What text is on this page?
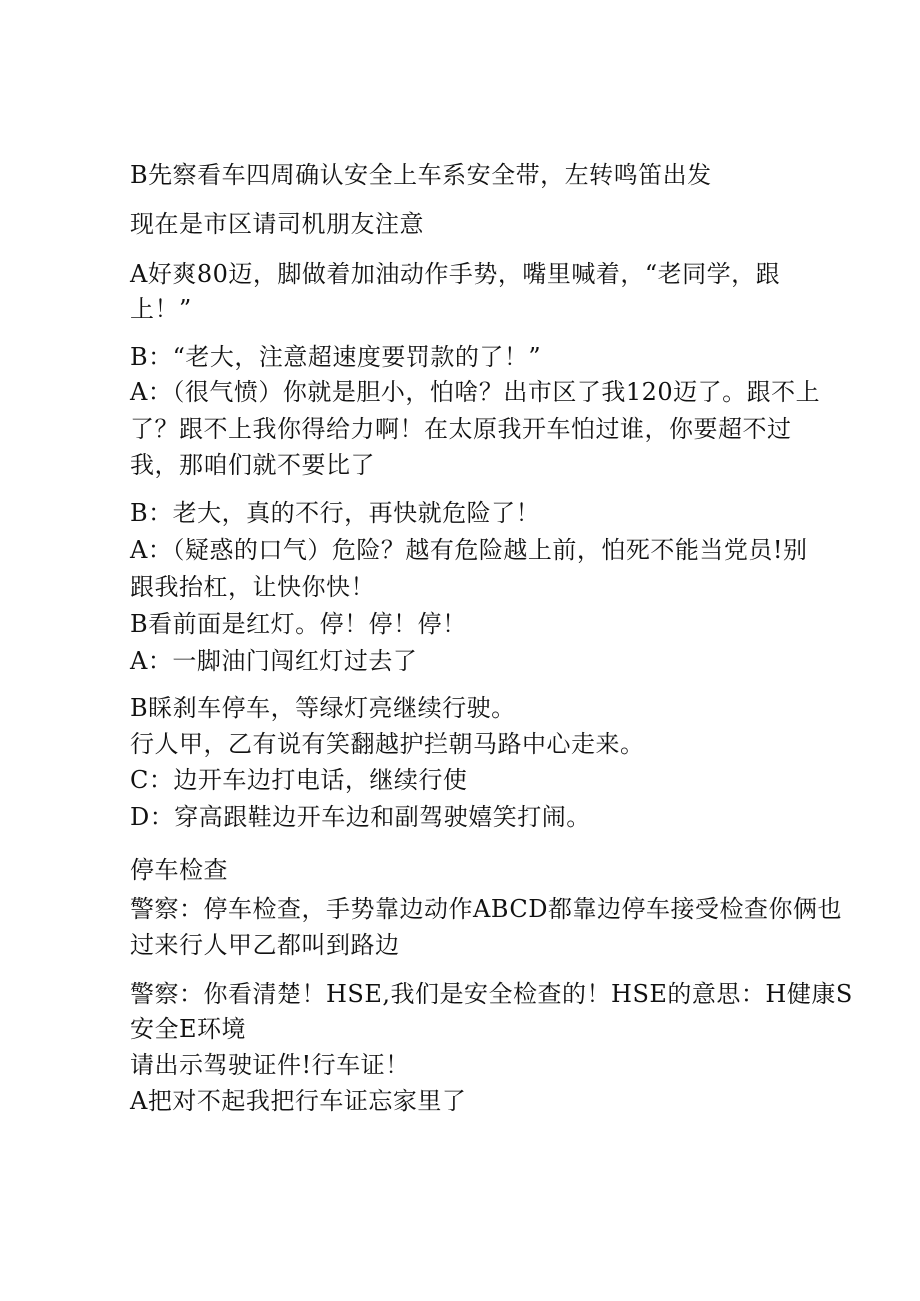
B先察看车四周确认安全上车系安全带，左转鸣笛出发
现在是市区请司机朋友注意
A好爽80迈，脚做着加油动作手势，嘴里喊着，“老同学，跟
上！”
B：“老大，注意超速度要罚款的了！”
A：（很气愤）你就是胆小，怕啥？出市区了我120迈了。跟不上
了？跟不上我你得给力啊！在太原我开车怕过谁，你要超不过
我，那咱们就不要比了
B：老大，真的不行，再快就危险了！
A：（疑惑的口气）危险？越有危险越上前，怕死不能当党员!别
跟我抬杠，让快你快！
B看前面是红灯。停！停！停！
A：一脚油门闯红灯过去了
B睬刹车停车，等绿灯亮继续行驶。
行人甲，乙有说有笑翻越护拦朝马路中心走来。
C：边开车边打电话，继续行使
D：穿高跟鞋边开车边和副驾驶嬉笑打闹。
停车检查
警察：停车检查，手势靠边动作ABCD都靠边停车接受检查你俩也
过来行人甲乙都叫到路边
警察：你看清楚！HSE,我们是安全检查的！HSE的意思：H健康S
安全E环境
请出示驾驶证件!行车证！
A把对不起我把行车证忘家里了
